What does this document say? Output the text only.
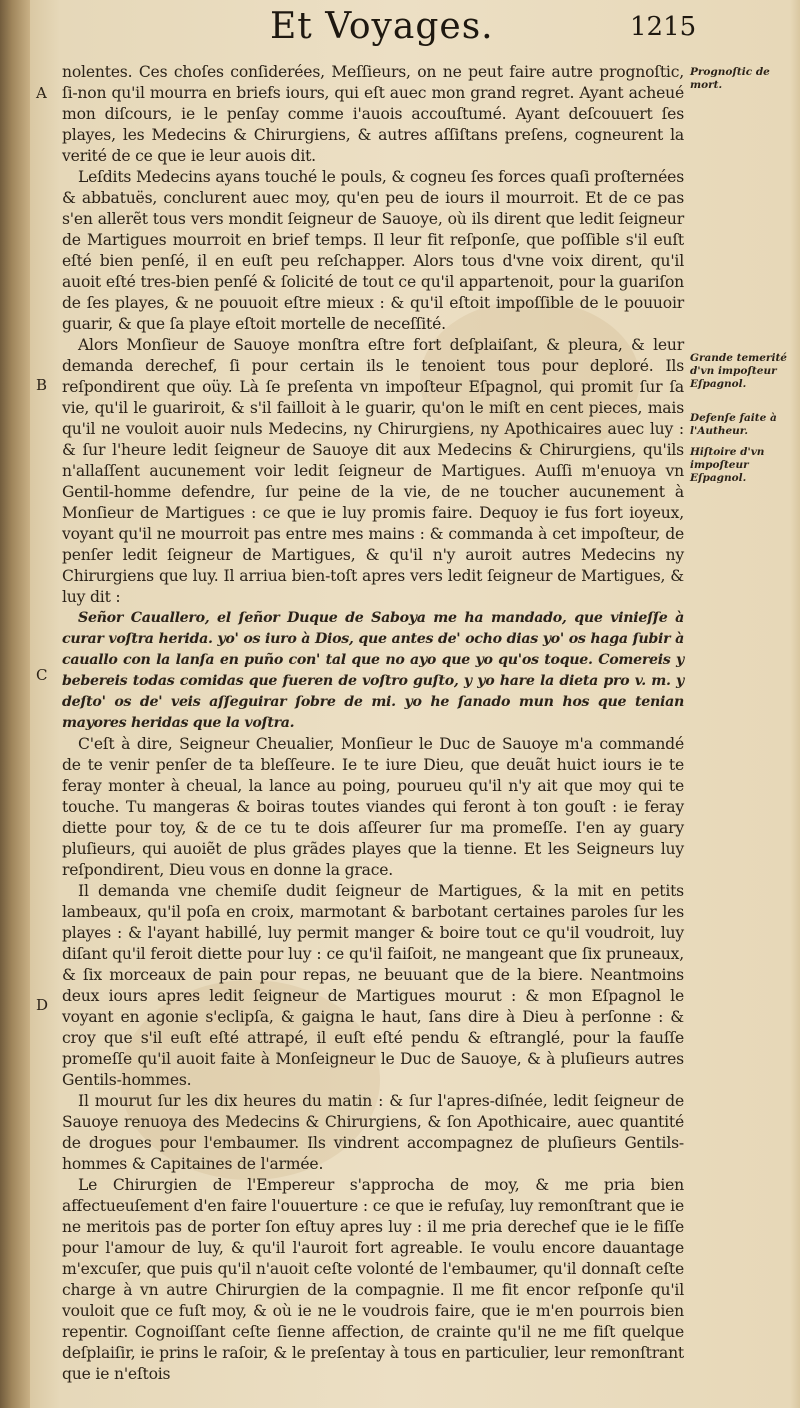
Et Voyages.	1215
A
B
C
D
Prognoſtic de mort.
Grande temerité d'vn impoſteur Eſpagnol.
Defenſe faite à l'Autheur.
Hiſtoire d'vn impoſteur Eſpagnol.

nolentes. Ces choſes conſiderées, Meſſieurs, on ne peut faire autre prognoſtic, ſi-non qu'il mourra en briefs iours, qui eſt auec mon grand regret. Ayant acheué mon diſcours, ie le penſay comme i'auois accouſtumé. Ayant deſcouuert ſes playes, les Medecins & Chirurgiens, & autres aſſiſtans preſens, cogneurent la verité de ce que ie leur auois dit.

Leſdits Medecins ayans touché le pouls, & cogneu ſes forces quaſi proſternées & abbatuës, conclurent auec moy, qu'en peu de iours il mourroit. Et de ce pas s'en allerẽt tous vers mondit ſeigneur de Sauoye, où ils dirent que ledit ſeigneur de Martigues mourroit en brief temps. Il leur fit reſponſe, que poſſible s'il euſt eſté bien penſé, il en euſt peu reſchapper. Alors tous d'vne voix dirent, qu'il auoit eſté tres-bien penſé & ſolicité de tout ce qu'il appartenoit, pour la guariſon de ſes playes, & ne pouuoit eſtre mieux : & qu'il eſtoit impoſſible de le pouuoir guarir, & que ſa playe eſtoit mortelle de neceſſité.

Alors Monſieur de Sauoye monſtra eſtre fort deſplaiſant, & pleura, & leur demanda derechef, ſi pour certain ils le tenoient tous pour deploré. Ils reſpondirent que oüy. Là ſe preſenta vn impoſteur Eſpagnol, qui promit ſur ſa vie, qu'il le guariroit, & s'il failloit à le guarir, qu'on le miſt en cent pieces, mais qu'il ne vouloit auoir nuls Medecins, ny Chirurgiens, ny Apothicaires auec luy : & ſur l'heure ledit ſeigneur de Sauoye dit aux Medecins & Chirurgiens, qu'ils n'allaſſent aucunement voir ledit ſeigneur de Martigues. Auſſi m'enuoya vn Gentil-homme defendre, ſur peine de la vie, de ne toucher aucunement à Monſieur de Martigues : ce que ie luy promis faire. Dequoy ie fus fort ioyeux, voyant qu'il ne mourroit pas entre mes mains : & commanda à cet impoſteur, de penſer ledit ſeigneur de Martigues, & qu'il n'y auroit autres Medecins ny Chirurgiens que luy. Il arriua bien-toſt apres vers ledit ſeigneur de Martigues, & luy dit :

Señor Cauallero, el ſeñor Duque de Saboya me ha mandado, que vinieſſe à curar voſtra herida. yo' os iuro à Dios, que antes de' ocho dias yo' os haga ſubir à cauallo con la lanſa en puño con' tal que no ayo que yo qu'os toque. Comereis y bebereis todas comidas que fueren de voſtro guſto, y yo hare la dieta pro v. m. y deſto' os de' veis aſſeguirar ſobre de mi. yo he ſanado mun hos que tenian mayores heridas que la voſtra.

C'eſt à dire, Seigneur Cheualier, Monſieur le Duc de Sauoye m'a commandé de te venir penſer de ta bleſſeure. Ie te iure Dieu, que deuãt huict iours ie te feray monter à cheual, la lance au poing, pourueu qu'il n'y ait que moy qui te touche. Tu mangeras & boiras toutes viandes qui feront à ton gouſt : ie feray diette pour toy, & de ce tu te dois aſſeurer ſur ma promeſſe. I'en ay guary pluſieurs, qui auoiẽt de plus grãdes playes que la tienne. Et les Seigneurs luy reſpondirent, Dieu vous en donne la grace.

Il demanda vne chemiſe dudit ſeigneur de Martigues, & la mit en petits lambeaux, qu'il poſa en croix, marmotant & barbotant certaines paroles ſur les playes : & l'ayant habillé, luy permit manger & boire tout ce qu'il voudroit, luy diſant qu'il feroit diette pour luy : ce qu'il faiſoit, ne mangeant que ſix pruneaux, & ſix morceaux de pain pour repas, ne beuuant que de la biere. Neantmoins deux iours apres ledit ſeigneur de Martigues mourut : & mon Eſpagnol le voyant en agonie s'eclipſa, & gaigna le haut, ſans dire à Dieu à perſonne : & croy que s'il euſt eſté attrapé, il euſt eſté pendu & eſtranglé, pour la fauſſe promeſſe qu'il auoit faite à Monſeigneur le Duc de Sauoye, & à pluſieurs autres Gentils-hommes.

Il mourut ſur les dix heures du matin : & ſur l'apres-diſnée, ledit ſeigneur de Sauoye renuoya des Medecins & Chirurgiens, & ſon Apothicaire, auec quantité de drogues pour l'embaumer. Ils vindrent accompagnez de pluſieurs Gentils-hommes & Capitaines de l'armée.

Le Chirurgien de l'Empereur s'approcha de moy, & me pria bien affectueuſement d'en faire l'ouuerture : ce que ie refuſay, luy remonſtrant que ie ne meritois pas de porter ſon eſtuy apres luy : il me pria derechef que ie le fiſſe pour l'amour de luy, & qu'il l'auroit fort agreable. Ie voulu encore dauantage m'excuſer, que puis qu'il n'auoit ceſte volonté de l'embaumer, qu'il donnaſt ceſte charge à vn autre Chirurgien de la compagnie. Il me fit encor reſponſe qu'il vouloit que ce fuſt moy, & où ie ne le voudrois faire, que ie m'en pourrois bien repentir. Cognoiſſant ceſte ſienne affection, de crainte qu'il ne me fiſt quelque deſplaiſir, ie prins le raſoir, & le preſentay à tous en particulier, leur remonſtrant que ie n'eſtois
